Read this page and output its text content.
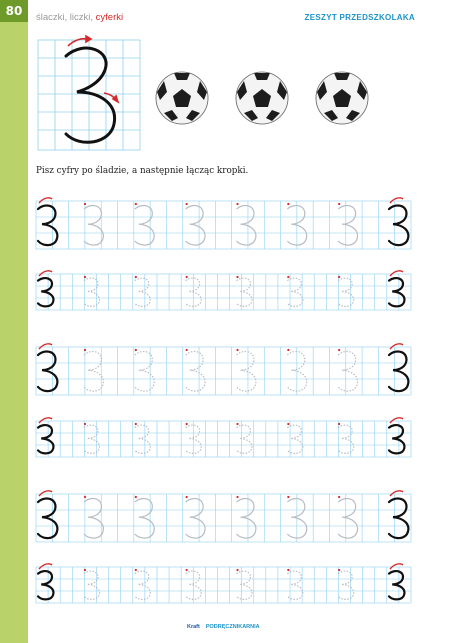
80	ślaczki, liczki, cyferki	ZESZYT PRZEDSZKOLAKA
Pisz cyfry po śladzie, a następnie łącząc kropki.
Kraft PODRĘCZNIKARNIA
